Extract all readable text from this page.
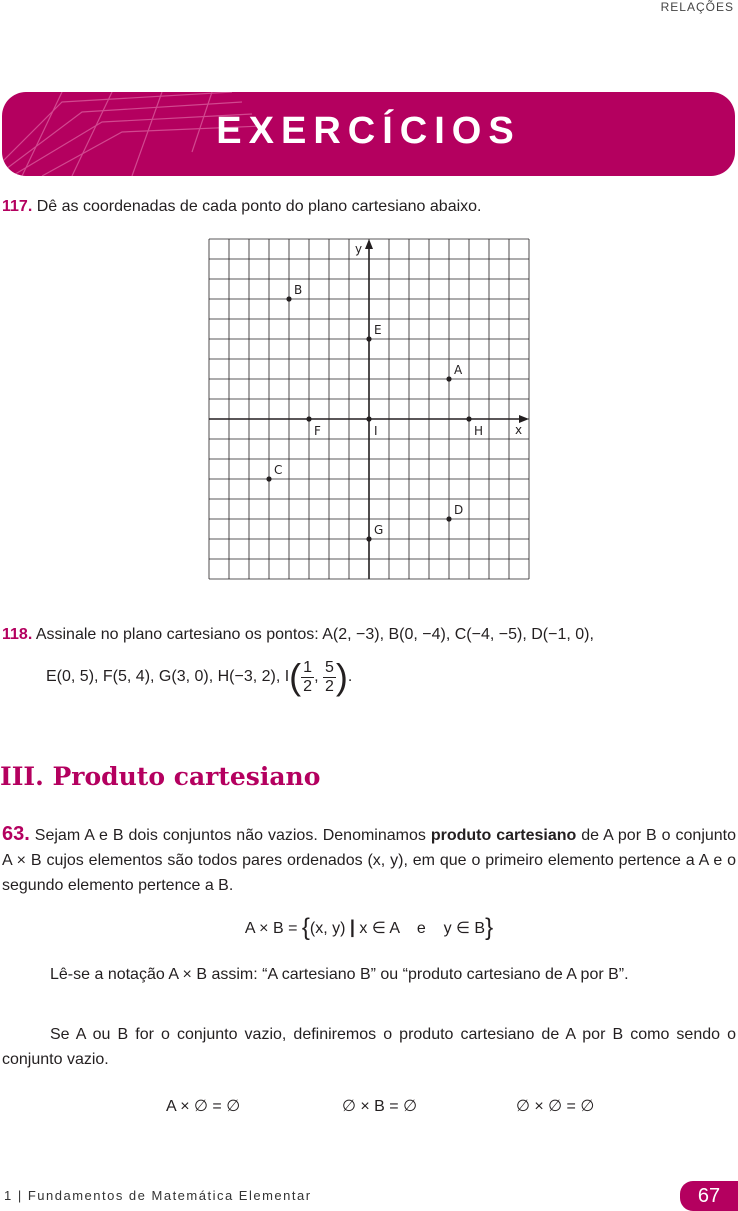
RELAÇÕES
EXERCÍCIOS
117. Dê as coordenadas de cada ponto do plano cartesiano abaixo.
x
y
A
B
C
D
E
F
G
H
I
118. Assinale no plano cartesiano os pontos: A(2, −3), B(0, −4), C(−4, −5), D(−1, 0),
E(0, 5), F(5, 4), G(3, 0), H(−3, 2), $I( \frac{1}{2}$ , $\frac{5}{2}$ ).
III. Produto cartesiano
63. Sejam A e B dois conjuntos não vazios. Denominamos produto cartesiano de A por B o conjunto A × B cujos elementos são todos pares ordenados (x, y), em que o primeiro elemento pertence a A e o segundo elemento pertence a B.
A × B = {(x, y) | x ∈ A    e    y ∈ B}
Lê-se a notação A × B assim: “A cartesiano B” ou “produto cartesiano de A por B”.
Se A ou B for o conjunto vazio, definiremos o produto cartesiano de A por B como sendo o conjunto vazio.
A × ∅ = ∅	∅ × B = ∅	∅ × ∅ = ∅
1 | Fundamentos de Matemática Elementar	67
